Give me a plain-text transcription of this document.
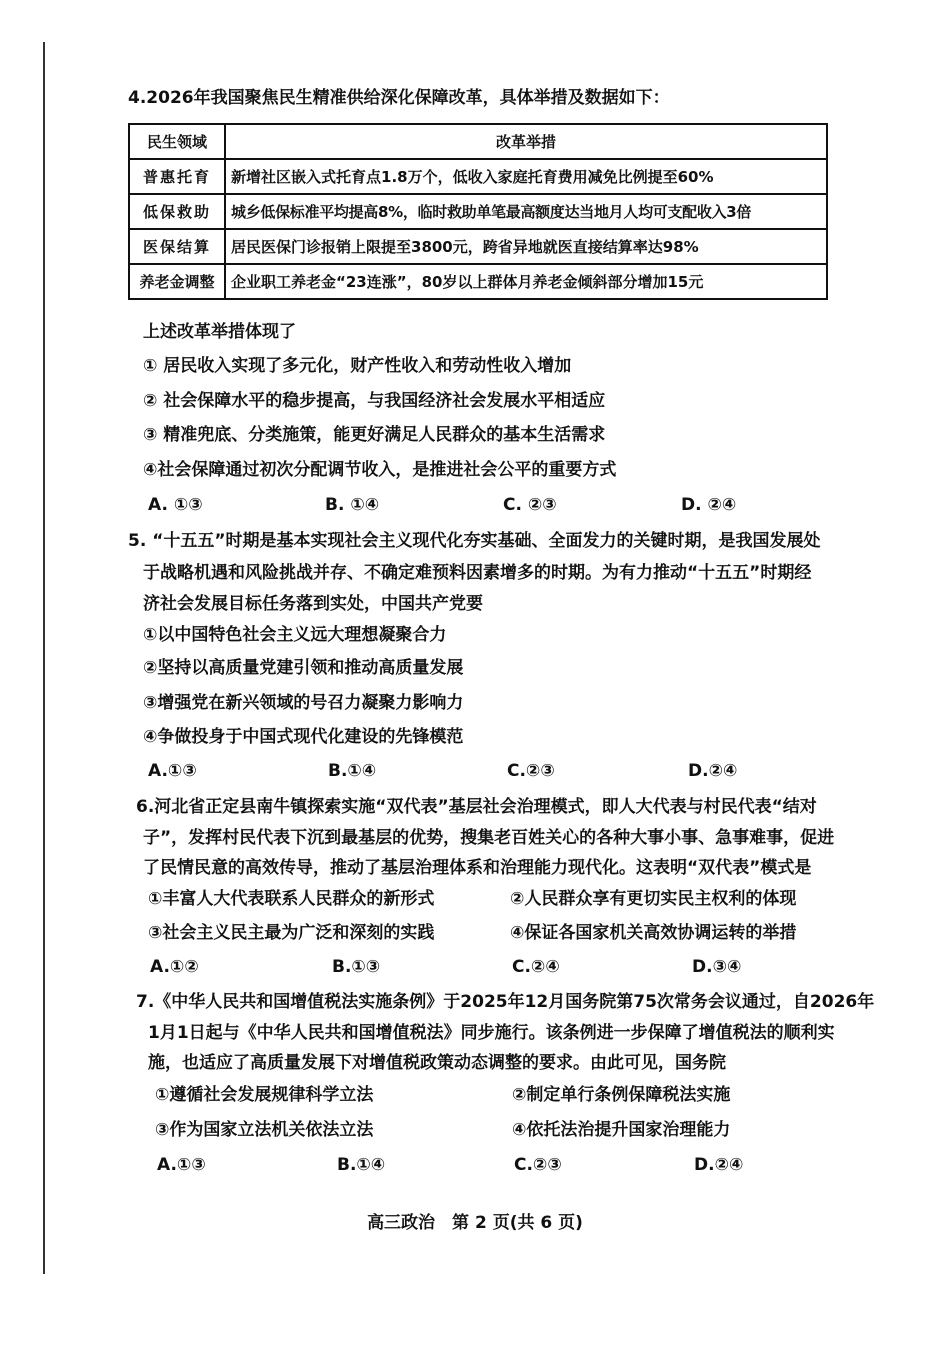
4.2026年我国聚焦民生精准供给深化保障改革，具体举措及数据如下：
民生领域	改革举措
普惠托育	新增社区嵌入式托育点1.8万个，低收入家庭托育费用减免比例提至60%
低保救助	城乡低保标准平均提高8%，临时救助单笔最高额度达当地月人均可支配收入3倍
医保结算	居民医保门诊报销上限提至3800元，跨省异地就医直接结算率达98%
养老金调整	企业职工养老金“23连涨”，80岁以上群体月养老金倾斜部分增加15元
上述改革举措体现了
① 居民收入实现了多元化，财产性收入和劳动性收入增加
② 社会保障水平的稳步提高，与我国经济社会发展水平相适应
③ 精准兜底、分类施策，能更好满足人民群众的基本生活需求
④社会保障通过初次分配调节收入，是推进社会公平的重要方式
A. ①③	B. ①④	C. ②③	D. ②④
5. “十五五”时期是基本实现社会主义现代化夯实基础、全面发力的关键时期，是我国发展处
于战略机遇和风险挑战并存、不确定难预料因素增多的时期。为有力推动“十五五”时期经
济社会发展目标任务落到实处，中国共产党要
①以中国特色社会主义远大理想凝聚合力
②坚持以高质量党建引领和推动高质量发展
③增强党在新兴领域的号召力凝聚力影响力
④争做投身于中国式现代化建设的先锋模范
A.①③	B.①④	C.②③	D.②④
6.河北省正定县南牛镇探索实施“双代表”基层社会治理模式，即人大代表与村民代表“结对
子”，发挥村民代表下沉到最基层的优势，搜集老百姓关心的各种大事小事、急事难事，促进
了民情民意的高效传导，推动了基层治理体系和治理能力现代化。这表明“双代表”模式是
①丰富人大代表联系人民群众的新形式	②人民群众享有更切实民主权利的体现
③社会主义民主最为广泛和深刻的实践	④保证各国家机关高效协调运转的举措
A.①②	B.①③	C.②④	D.③④
7.《中华人民共和国增值税法实施条例》于2025年12月国务院第75次常务会议通过，自2026年
1月1日起与《中华人民共和国增值税法》同步施行。该条例进一步保障了增值税法的顺利实
施，也适应了高质量发展下对增值税政策动态调整的要求。由此可见，国务院
①遵循社会发展规律科学立法	②制定单行条例保障税法实施
③作为国家立法机关依法立法	④依托法治提升国家治理能力
A.①③	B.①④	C.②③	D.②④
高三政治　第 2 页(共 6 页)
